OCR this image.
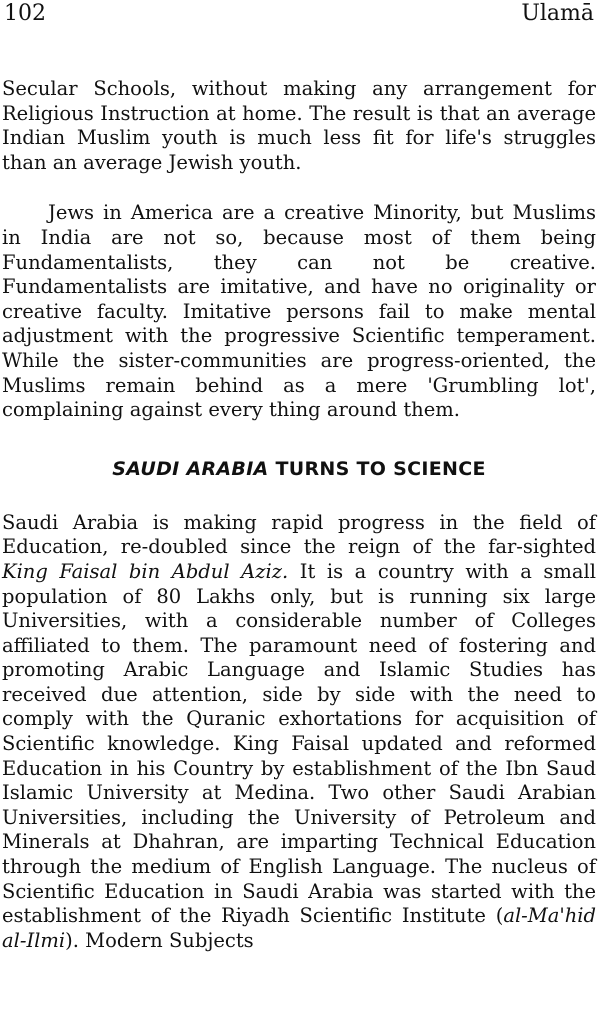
102	Ulamā

Secular Schools, without making any arrangement for Religious Instruction at home. The result is that an average Indian Muslim youth is much less fit for life's struggles than an average Jewish youth.

Jews in America are a creative Minority, but Muslims in India are not so, because most of them being Fundamentalists, they can not be creative. Fundamentalists are imitative, and have no originality or creative faculty. Imitative persons fail to make mental adjustment with the progressive Scientific temperament. While the sister-communities are progress-oriented, the Muslims remain behind as a mere 'Grumbling lot', complaining against every thing around them.

SAUDI ARABIA TURNS TO SCIENCE

Saudi Arabia is making rapid progress in the field of Education, re-doubled since the reign of the far-sighted King Faisal bin Abdul Aziz. It is a country with a small population of 80 Lakhs only, but is running six large Universities, with a considerable number of Colleges affiliated to them. The paramount need of fostering and promoting Arabic Language and Islamic Studies has received due attention, side by side with the need to comply with the Quranic exhortations for acquisition of Scientific knowledge. King Faisal updated and reformed Education in his Country by establishment of the Ibn Saud Islamic University at Medina. Two other Saudi Arabian Universities, including the University of Petroleum and Minerals at Dhahran, are imparting Technical Education through the medium of English Language. The nucleus of Scientific Education in Saudi Arabia was started with the establishment of the Riyadh Scientific Institute (al-Ma'hid al-Ilmi). Modern Subjects
